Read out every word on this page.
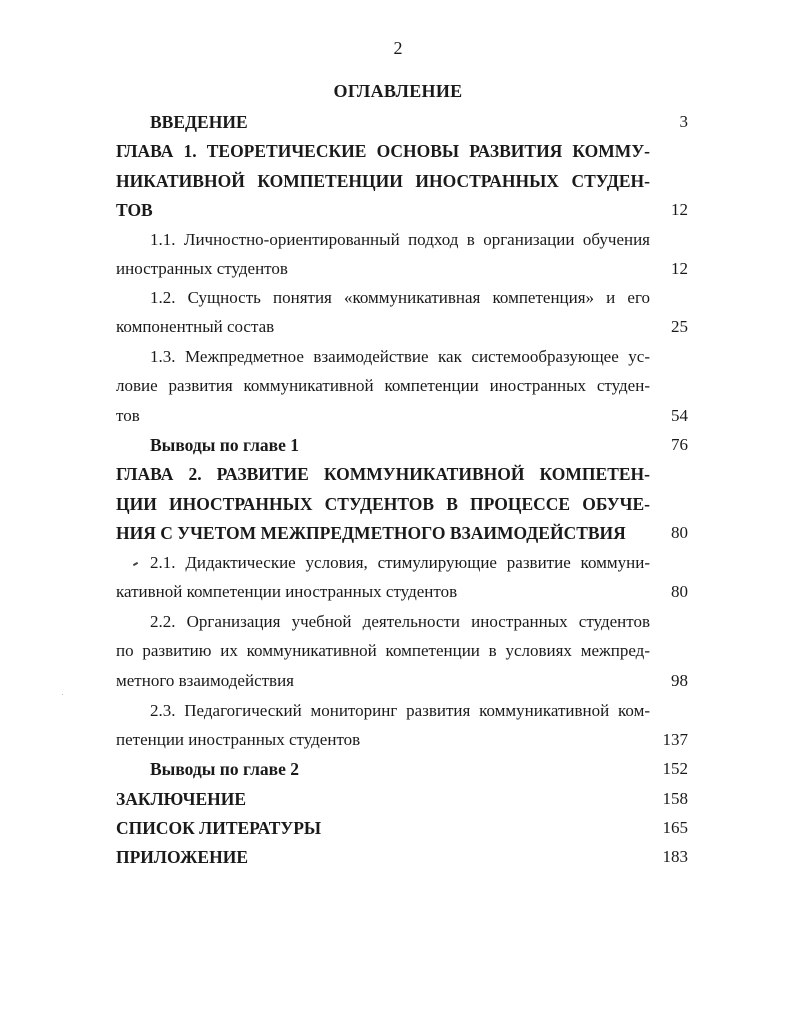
2
ОГЛАВЛЕНИЕ
ВВЕДЕНИЕ	3
ГЛАВА 1. ТЕОРЕТИЧЕСКИЕ ОСНОВЫ РАЗВИТИЯ КОММУ-
НИКАТИВНОЙ КОМПЕТЕНЦИИ ИНОСТРАННЫХ СТУДЕН-
ТОВ	12
1.1. Личностно-ориентированный подход в организации обучения
иностранных студентов	12
1.2. Сущность понятия «коммуникативная компетенция» и его
компонентный состав	25
1.3. Межпредметное взаимодействие как системообразующее ус-
ловие развития коммуникативной компетенции иностранных студен-
тов	54
Выводы по главе 1	76
ГЛАВА 2. РАЗВИТИЕ КОММУНИКАТИВНОЙ КОМПЕТЕН-
ЦИИ ИНОСТРАННЫХ СТУДЕНТОВ В ПРОЦЕССЕ ОБУЧЕ-
НИЯ С УЧЕТОМ МЕЖПРЕДМЕТНОГО ВЗАИМОДЕЙСТВИЯ	80
2.1. Дидактические условия, стимулирующие развитие коммуни-
кативной компетенции иностранных студентов	80
2.2. Организация учебной деятельности иностранных студентов
по развитию их коммуникативной компетенции в условиях межпред-
метного взаимодействия	98
2.3. Педагогический мониторинг развития коммуникативной ком-
петенции иностранных студентов	137
Выводы по главе 2	152
ЗАКЛЮЧЕНИЕ	158
СПИСОК ЛИТЕРАТУРЫ	165
ПРИЛОЖЕНИЕ	183
